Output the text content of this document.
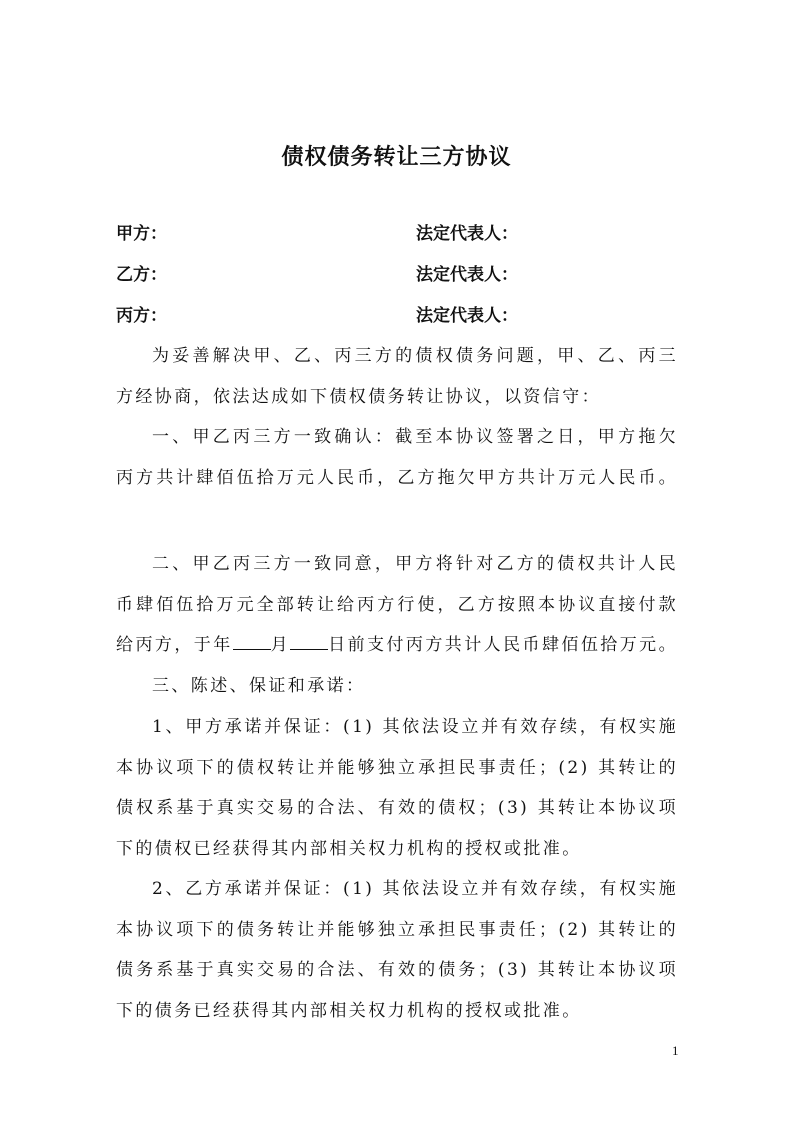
债权债务转让三方协议
甲方：	法定代表人：
乙方：	法定代表人：
丙方：	法定代表人：
为妥善解决甲、乙、丙三方的债权债务问题，甲、乙、丙三
方经协商，依法达成如下债权债务转让协议，以资信守：
一、甲乙丙三方一致确认：截至本协议签署之日，甲方拖欠
丙方共计肆佰伍拾万元人民币，乙方拖欠甲方共计万元人民币。
二、甲乙丙三方一致同意，甲方将针对乙方的债权共计人民
币肆佰伍拾万元全部转让给丙方行使，乙方按照本协议直接付款
给丙方，于年 月 日前支付丙方共计人民币肆佰伍拾万元。
三、陈述、保证和承诺：
1、甲方承诺并保证：(1) 其依法设立并有效存续，有权实施
本协议项下的债权转让并能够独立承担民事责任；(2) 其转让的
债权系基于真实交易的合法、有效的债权；(3) 其转让本协议项
下的债权已经获得其内部相关权力机构的授权或批准。
2、乙方承诺并保证：(1) 其依法设立并有效存续，有权实施
本协议项下的债务转让并能够独立承担民事责任；(2) 其转让的
债务系基于真实交易的合法、有效的债务；(3) 其转让本协议项
下的债务已经获得其内部相关权力机构的授权或批准。
1
